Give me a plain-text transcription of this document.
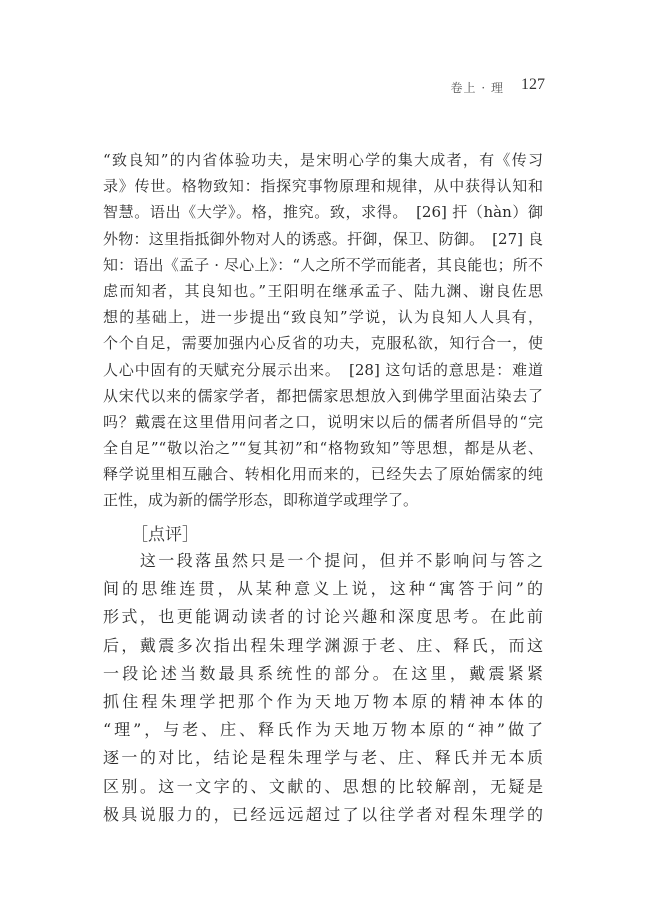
卷上 · 理 127
“致良知”的内省体验功夫，是宋明心学的集大成者，有《传习
录》传世。格物致知：指探究事物原理和规律，从中获得认知和
智慧。语出《大学》。格，推究。致，求得。　[26] 扞（hàn）御
外物：这里指抵御外物对人的诱惑。扞御，保卫、防御。　[27] 良
知：语出《孟子 · 尽心上》：“人之所不学而能者，其良能也；所不
虑而知者，其良知也。”王阳明在继承孟子、陆九渊、谢良佐思
想的基础上，进一步提出“致良知”学说，认为良知人人具有，
个个自足，需要加强内心反省的功夫，克服私欲，知行合一，使
人心中固有的天赋充分展示出来。　[28] 这句话的意思是：难道
从宋代以来的儒家学者，都把儒家思想放入到佛学里面沾染去了
吗？戴震在这里借用问者之口，说明宋以后的儒者所倡导的“完
全自足”“敬以治之”“复其初”和“格物致知”等思想，都是从老、
释学说里相互融合、转相化用而来的，已经失去了原始儒家的纯
正性，成为新的儒学形态，即称道学或理学了。
［点评］
　　这一段落虽然只是一个提问，但并不影响问与答之
间的思维连贯，从某种意义上说，这种“寓答于问”的
形式，也更能调动读者的讨论兴趣和深度思考。在此前
后，戴震多次指出程朱理学渊源于老、庄、释氏，而这
一段论述当数最具系统性的部分。在这里，戴震紧紧
抓住程朱理学把那个作为天地万物本原的精神本体的
“理”，与老、庄、释氏作为天地万物本原的“神”做了
逐一的对比，结论是程朱理学与老、庄、释氏并无本质
区别。这一文字的、文献的、思想的比较解剖，无疑是
极具说服力的，已经远远超过了以往学者对程朱理学的
